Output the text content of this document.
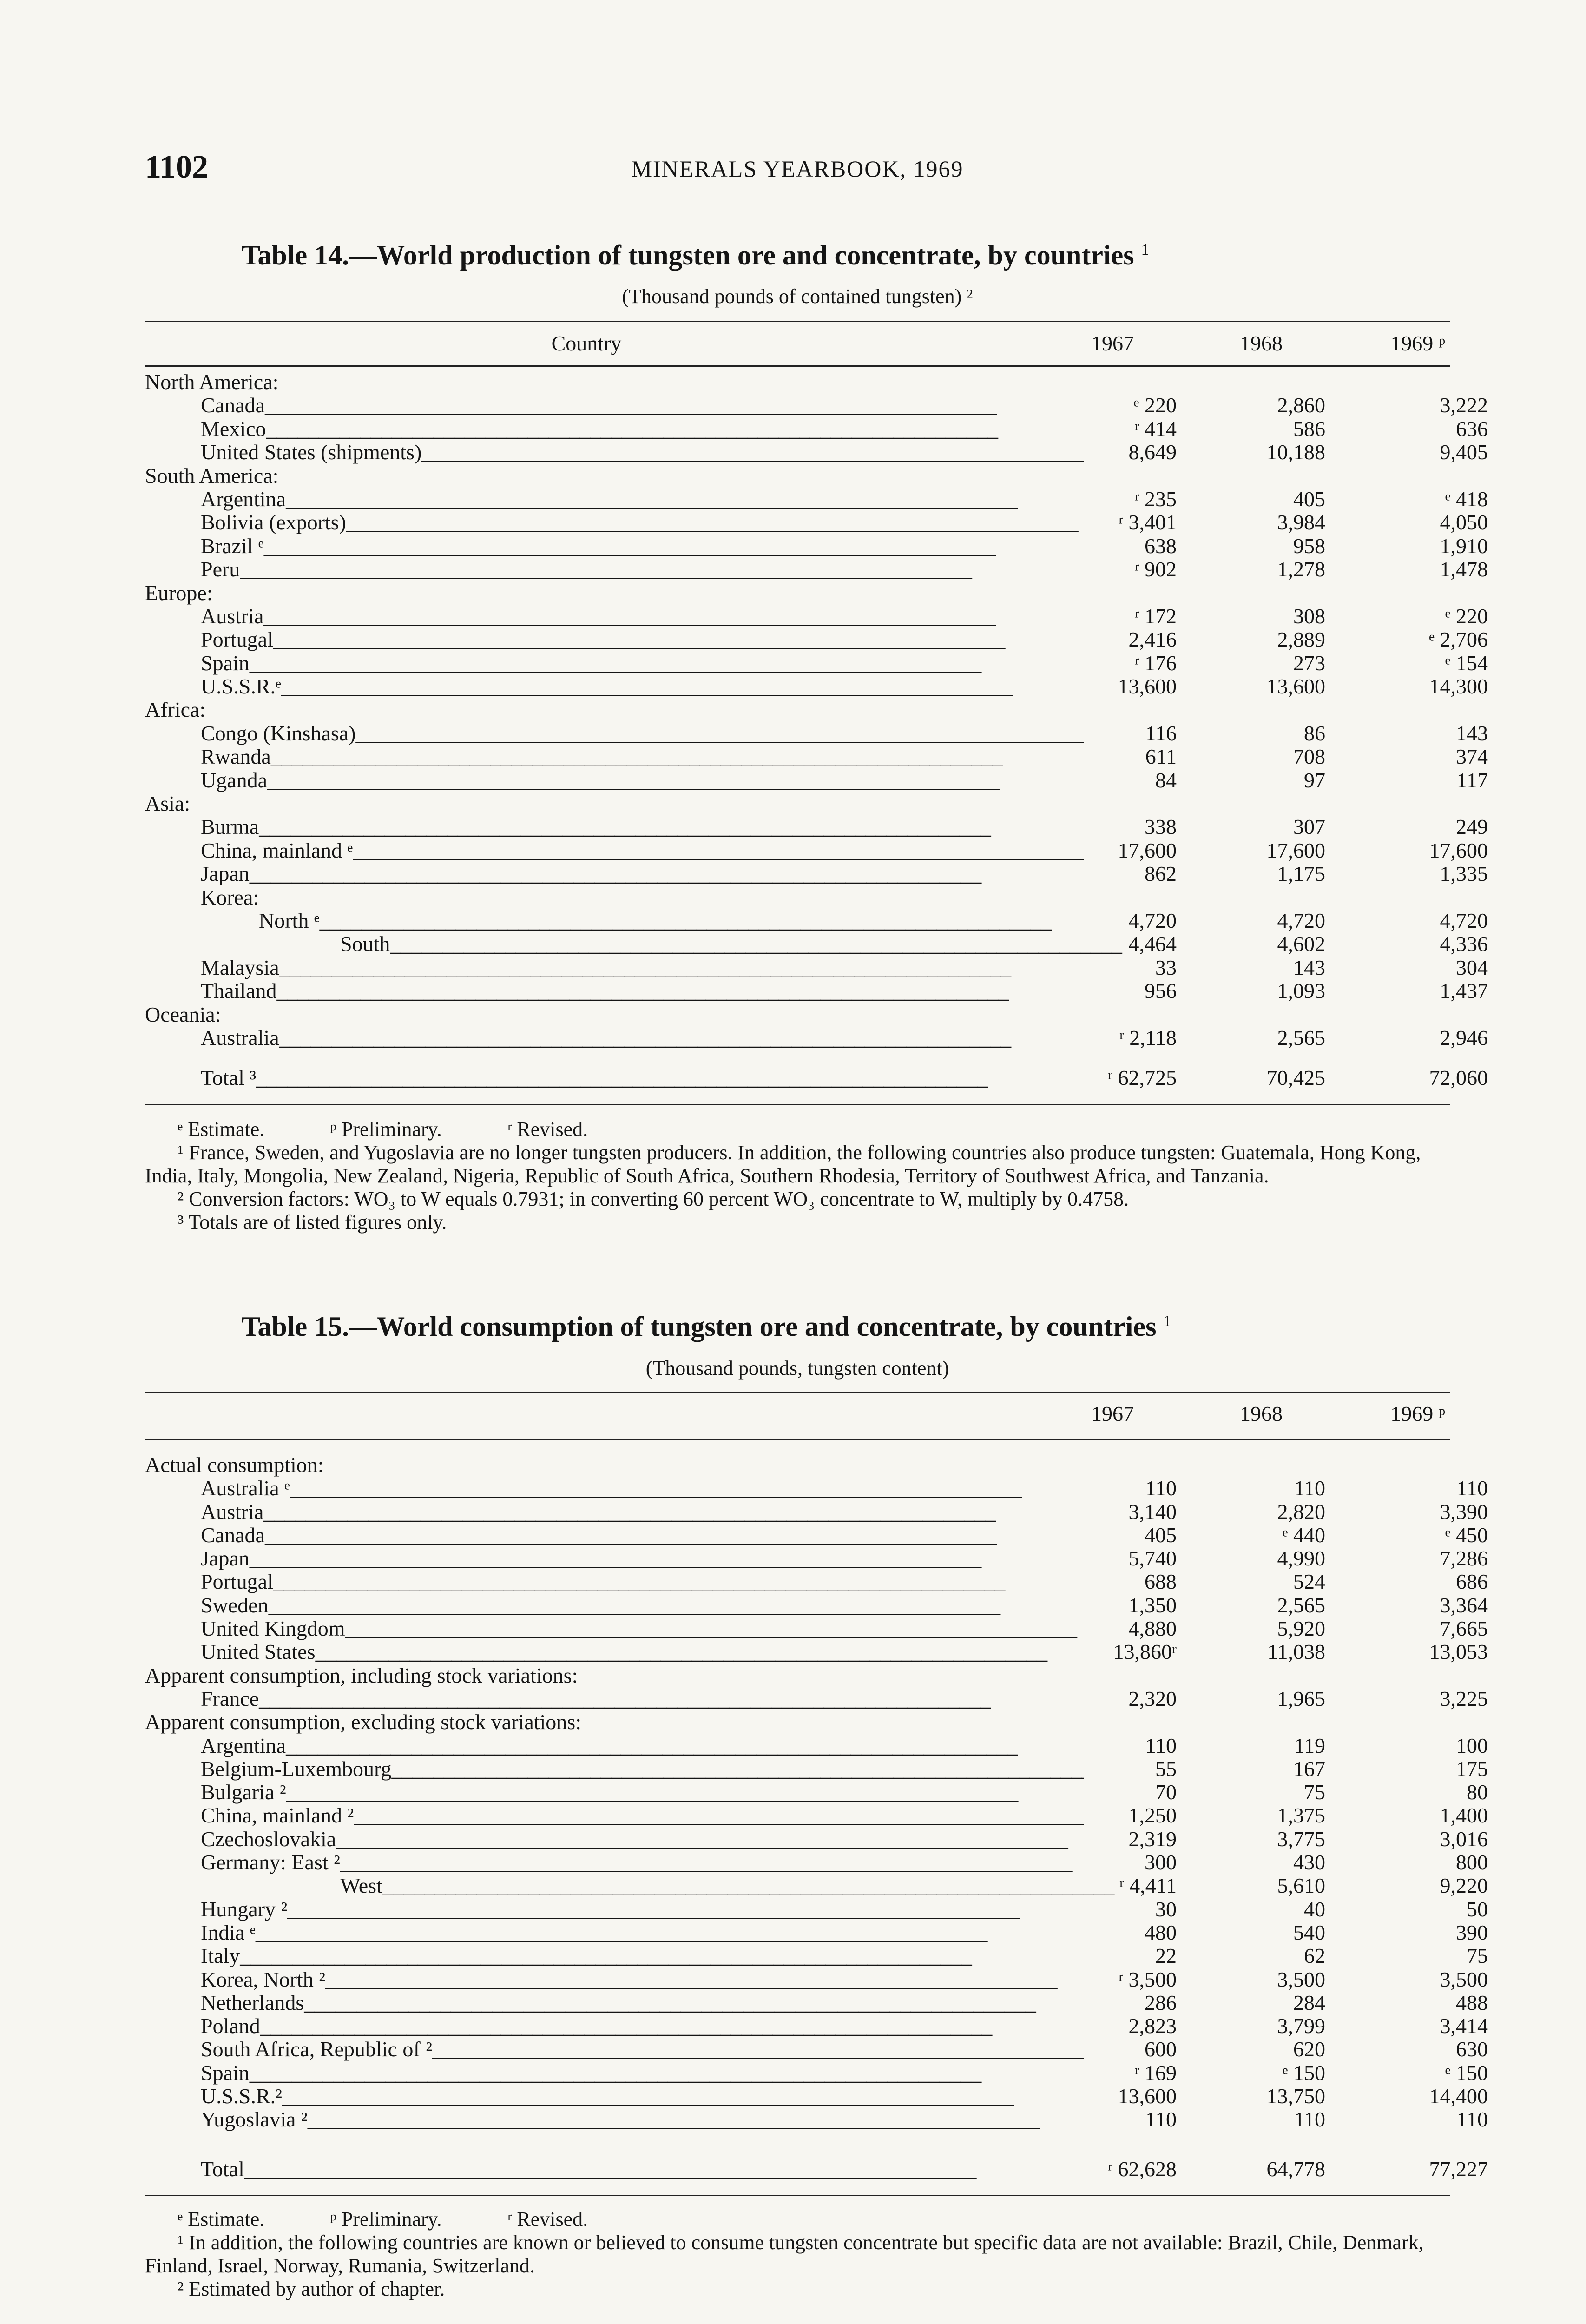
1102	MINERALS YEARBOOK, 1969
Table 14.—World production of tungsten ore and concentrate, by countries $^1$
(Thousand pounds of contained tungsten) ²
Country	1967	1968	1969 ᵖ
North America:
Canada _ _ _	ᵉ 220	2,860	3,222
Mexico _ _ _	ʳ 414	586	636
United States (shipments) _ _ _	8,649	10,188	9,405
South America:
Argentina _ _ _	ʳ 235	405	ᵉ 418
Bolivia (exports) _ _ _	ʳ 3,401	3,984	4,050
Brazil ᵉ _ _ _	638	958	1,910
Peru _ _ _	ʳ 902	1,278	1,478
Europe:
Austria _ _ _	ʳ 172	308	ᵉ 220
Portugal _ _ _	2,416	2,889	ᵉ 2,706
Spain _ _ _	ʳ 176	273	ᵉ 154
U.S.S.R.ᵉ _ _ _	13,600	13,600	14,300
Africa:
Congo (Kinshasa) _ _ _	116	86	143
Rwanda _ _ _	611	708	374
Uganda _ _ _	84	97	117
Asia:
Burma _ _ _	338	307	249
China, mainland ᵉ _ _ _	17,600	17,600	17,600
Japan _ _ _	862	1,175	1,335
Korea:
North ᵉ _ _ _	4,720	4,720	4,720
South _ _ _	4,464	4,602	4,336
Malaysia _ _ _	33	143	304
Thailand _ _ _	956	1,093	1,437
Oceania:
Australia _ _ _	ʳ 2,118	2,565	2,946
Total ³ _ _ _	ʳ 62,725	70,425	72,060

ᵉ Estimate.	ᵖ Preliminary.	ʳ Revised.

¹ France, Sweden, and Yugoslavia are no longer tungsten producers. In addition, the following countries also produce tungsten: Guatemala, Hong Kong, India, Italy, Mongolia, New Zealand, Nigeria, Republic of South Africa, Southern Rhodesia, Territory of Southwest Africa, and Tanzania.

² Conversion factors: WO₃ to W equals 0.7931; in converting 60 percent WO₃ concentrate to W, multiply by 0.4758.

³ Totals are of listed figures only.

Table 15.—World consumption of tungsten ore and concentrate, by countries $^1$
(Thousand pounds, tungsten content)
1967	1968	1969 ᵖ
Actual consumption:
Australia ᵉ _ _ _	110	110	110
Austria _ _ _	3,140	2,820	3,390
Canada _ _ _	405	ᵉ 440	ᵉ 450
Japan _ _ _	5,740	4,990	7,286
Portugal _ _ _	688	524	686
Sweden _ _ _	1,350	2,565	3,364
United Kingdom _ _ _	4,880	5,920	7,665
United States _ _ _	13,860ʳ	11,038	13,053
Apparent consumption, including stock variations:
France _ _ _	2,320	1,965	3,225
Apparent consumption, excluding stock variations:
Argentina _ _ _	110	119	100
Belgium-Luxembourg _ _ _	55	167	175
Bulgaria ² _ _ _	70	75	80
China, mainland ² _ _ _	1,250	1,375	1,400
Czechoslovakia _ _ _	2,319	3,775	3,016
Germany: East ² _ _ _	300	430	800
West _ _ _	ʳ 4,411	5,610	9,220
Hungary ² _ _ _	30	40	50
India ᵉ _ _ _	480	540	390
Italy _ _ _	22	62	75
Korea, North ² _ _ _	ʳ 3,500	3,500	3,500
Netherlands _ _ _	286	284	488
Poland _ _ _	2,823	3,799	3,414
South Africa, Republic of ² _ _ _	600	620	630
Spain _ _ _	ʳ 169	ᵉ 150	ᵉ 150
U.S.S.R.² _ _ _	13,600	13,750	14,400
Yugoslavia ² _ _ _	110	110	110
Total _ _ _	ʳ 62,628	64,778	77,227

ᵉ Estimate.	ᵖ Preliminary.	ʳ Revised.

¹ In addition, the following countries are known or believed to consume tungsten concentrate but specific data are not available: Brazil, Chile, Denmark, Finland, Israel, Norway, Rumania, Switzerland.

² Estimated by author of chapter.
